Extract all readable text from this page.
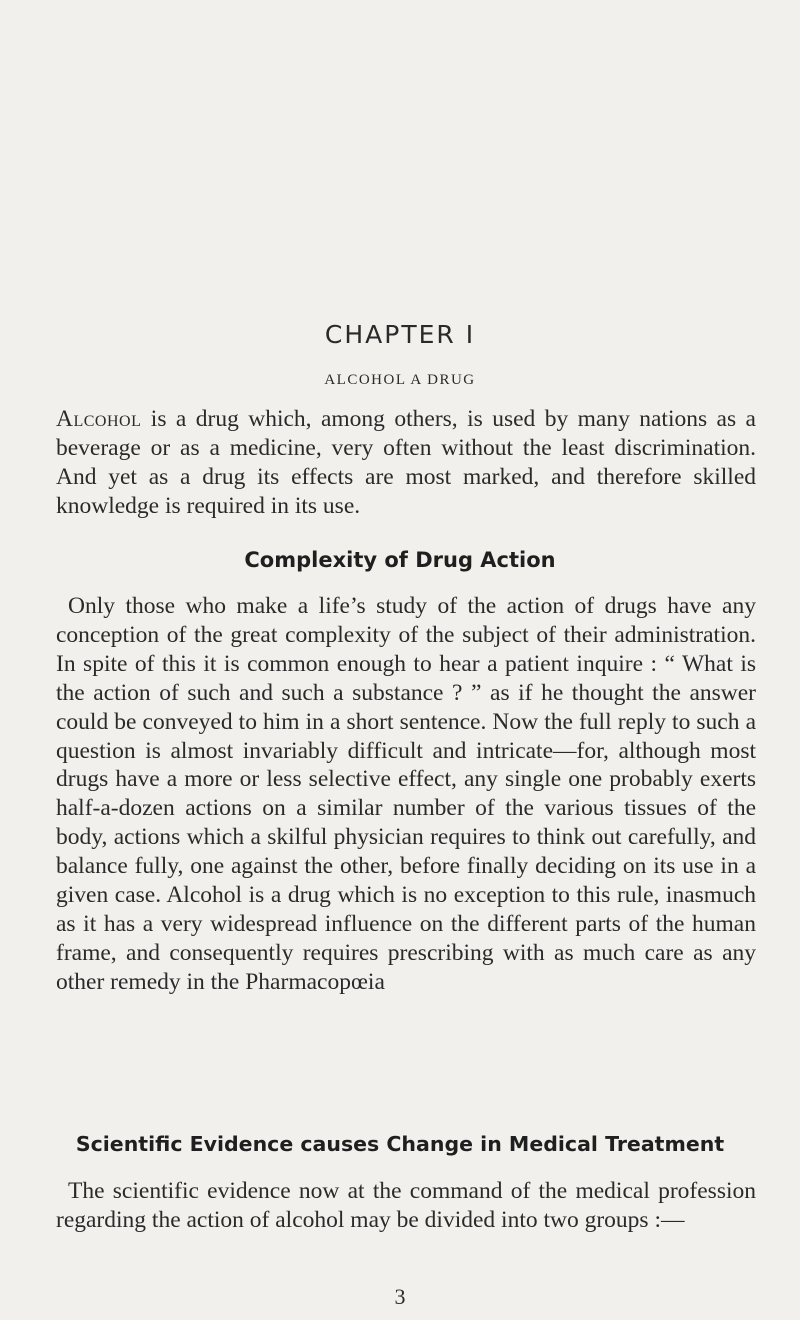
CHAPTER I
ALCOHOL A DRUG
Alcohol is a drug which, among others, is used by many nations as a beverage or as a medicine, very often without the least discrimination. And yet as a drug its effects are most marked, and therefore skilled knowledge is required in its use.
Complexity of Drug Action
Only those who make a life’s study of the action of drugs have any conception of the great complexity of the subject of their administration. In spite of this it is common enough to hear a patient inquire : “ What is the action of such and such a substance ? ” as if he thought the answer could be conveyed to him in a short sentence. Now the full reply to such a question is almost invariably difficult and intricate—for, although most drugs have a more or less selective effect, any single one probably exerts half-a-dozen actions on a similar number of the various tissues of the body, actions which a skilful physician requires to think out carefully, and balance fully, one against the other, before finally deciding on its use in a given case. Alcohol is a drug which is no exception to this rule, inasmuch as it has a very widespread influence on the different parts of the human frame, and consequently requires prescribing with as much care as any other remedy in the Pharmacopœia
Scientific Evidence causes Change in Medical Treatment
The scientific evidence now at the command of the medical profession regarding the action of alcohol may be divided into two groups :—
3
